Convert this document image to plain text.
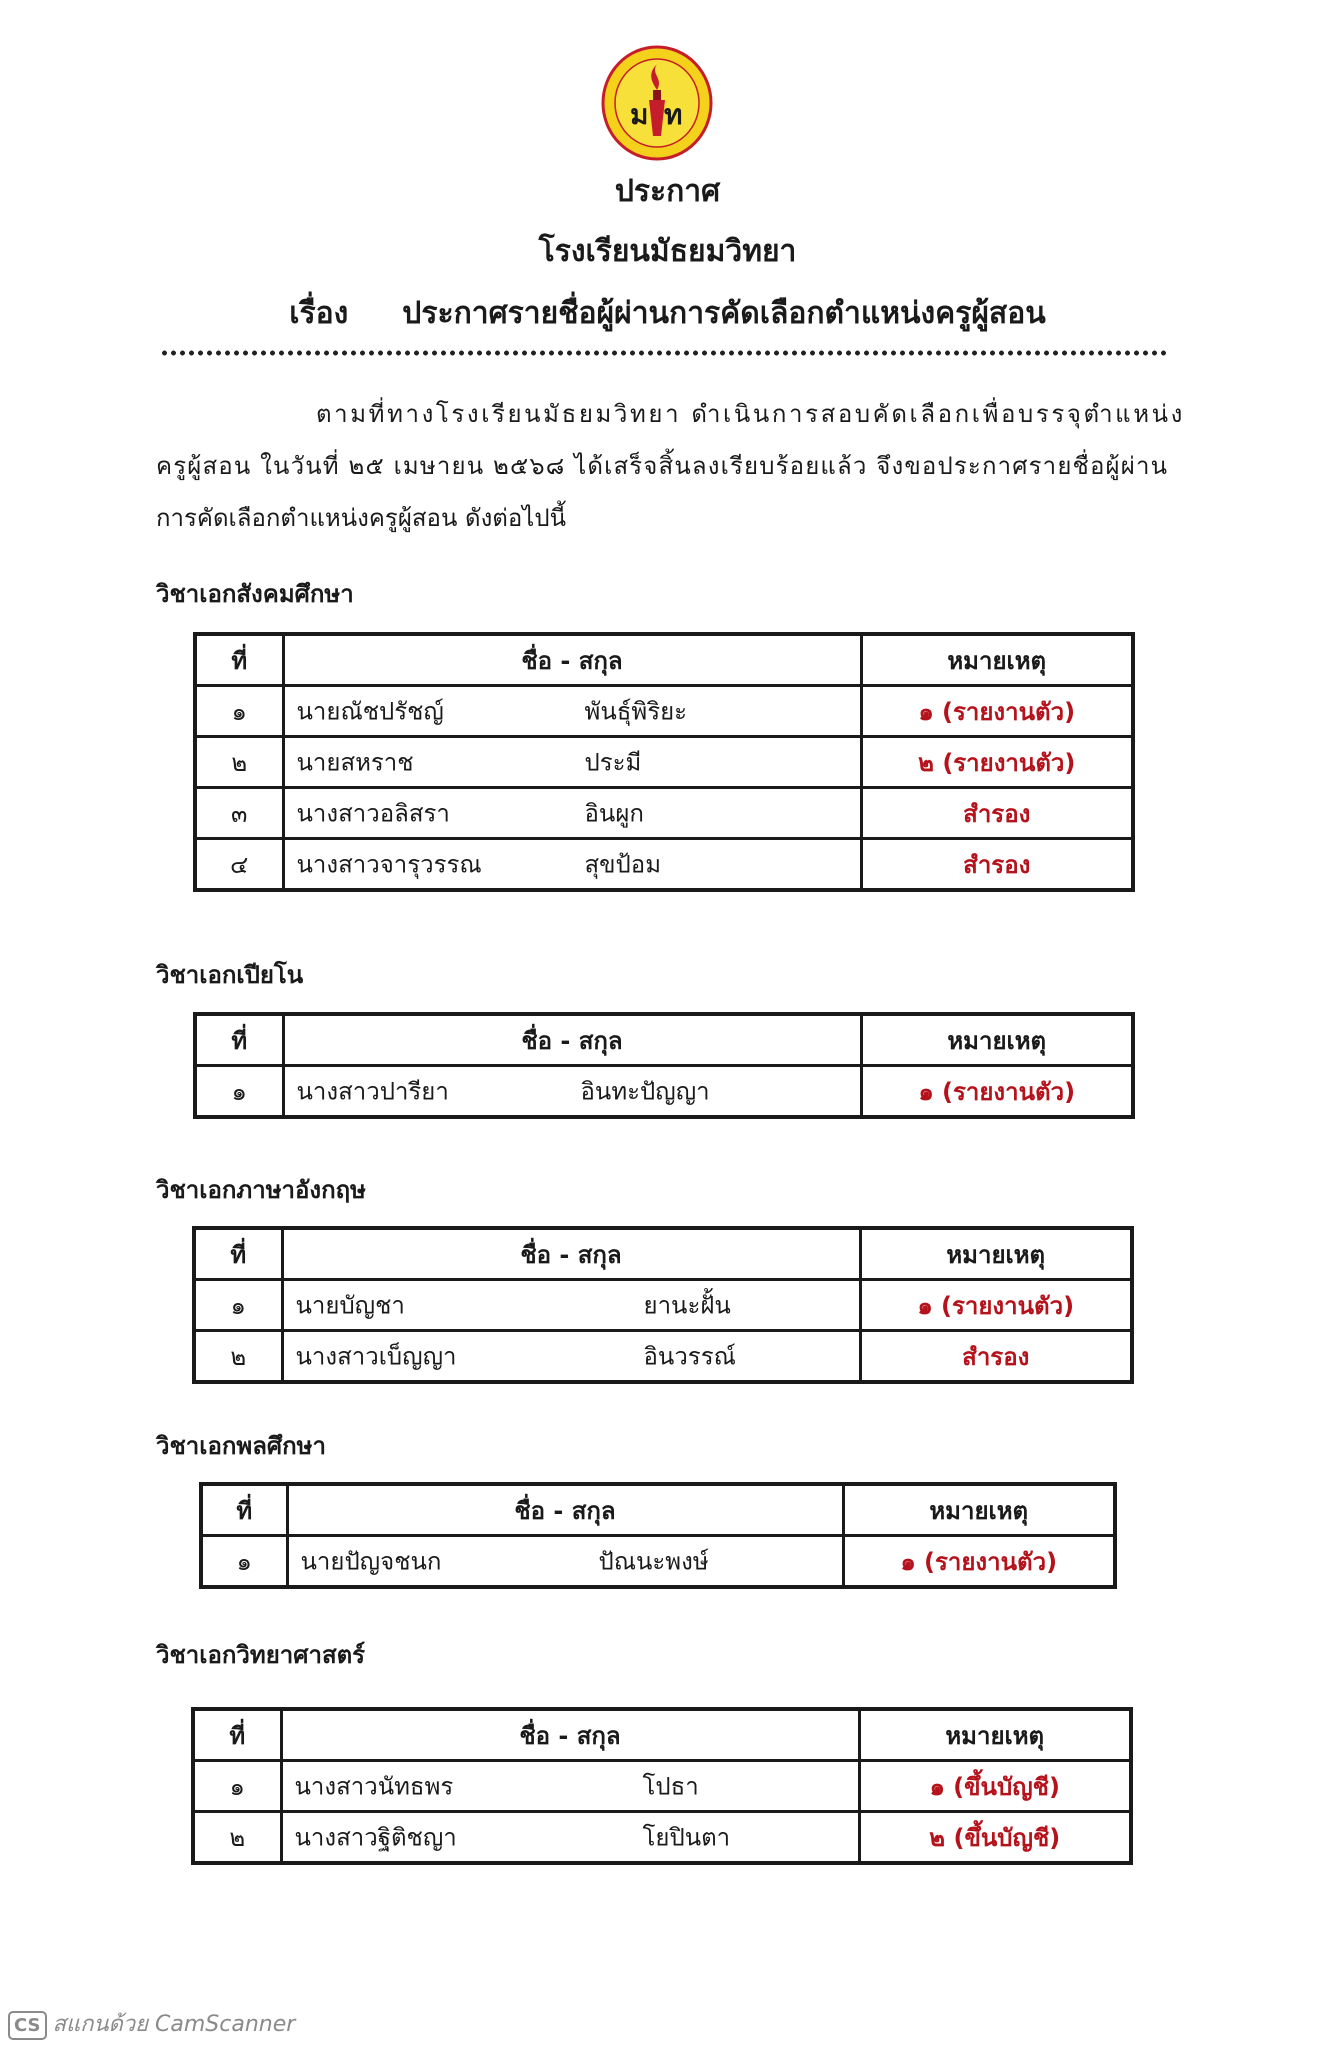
ม ท
ประกาศ
โรงเรียนมัธยมวิทยา
เรื่อง ประกาศรายชื่อผู้ผ่านการคัดเลือกตำแหน่งครูผู้สอน

ตามที่ทางโรงเรียนมัธยมวิทยา ดำเนินการสอบคัดเลือกเพื่อบรรจุตำแหน่ง

ครูผู้สอน ในวันที่ ๒๕ เมษายน ๒๕๖๘ ได้เสร็จสิ้นลงเรียบร้อยแล้ว จึงขอประกาศรายชื่อผู้ผ่าน

การคัดเลือกตำแหน่งครูผู้สอน ดังต่อไปนี้

วิชาเอกสังคมศึกษา
ที่	ชื่อ - สกุล	หมายเหตุ
๑	นายณัชปรัชญ์ พันธุ์พิริยะ	๑ (รายงานตัว)
๒	นายสหราช ประมี	๒ (รายงานตัว)
๓	นางสาวอลิสรา อินผูก	สำรอง
๔	นางสาวจารุวรรณ สุขป้อม	สำรอง
วิชาเอกเปียโน
ที่	ชื่อ - สกุล	หมายเหตุ
๑	นางสาวปารียา อินทะปัญญา	๑ (รายงานตัว)
วิชาเอกภาษาอังกฤษ
ที่	ชื่อ - สกุล	หมายเหตุ
๑	นายบัญชา ยานะฝั้น	๑ (รายงานตัว)
๒	นางสาวเบ็ญญา อินวรรณ์	สำรอง
วิชาเอกพลศึกษา
ที่	ชื่อ - สกุล	หมายเหตุ
๑	นายปัญจชนก ปัณนะพงษ์	๑ (รายงานตัว)
วิชาเอกวิทยาศาสตร์
ที่	ชื่อ - สกุล	หมายเหตุ
๑	นางสาวนัทธพร โปธา	๑ (ขึ้นบัญชี)
๒	นางสาวฐิติชญา โยปินตา	๒ (ขึ้นบัญชี)
CS สแกนด้วย CamScanner
